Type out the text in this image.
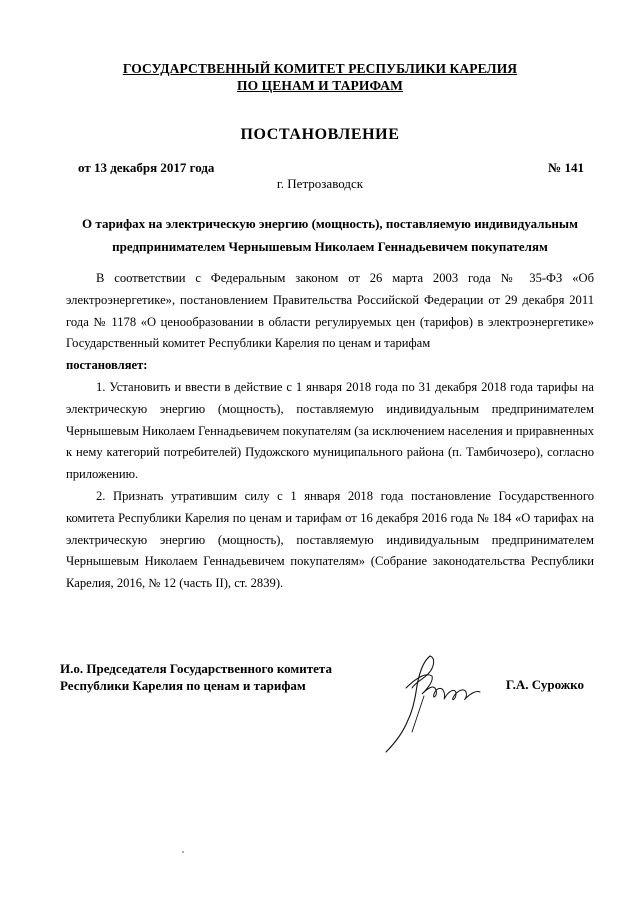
ГОСУДАРСТВЕННЫЙ КОМИТЕТ РЕСПУБЛИКИ КАРЕЛИЯ
ПО ЦЕНАМ И ТАРИФАМ
ПОСТАНОВЛЕНИЕ
от 13 декабря 2017 года	№ 141
г. Петрозаводск
О тарифах на электрическую энергию (мощность), поставляемую индивидуальным
предпринимателем Чернышевым Николаем Геннадьевичем покупателям

В соответствии с Федеральным законом от 26 марта 2003 года № 35-ФЗ «Об электроэнергетике», постановлением Правительства Российской Федерации от 29 декабря 2011 года № 1178 «О ценообразовании в области регулируемых цен (тарифов) в электроэнергетике» Государственный комитет Республики Карелия по ценам и тарифам

постановляет:

1. Установить и ввести в действие с 1 января 2018 года по 31 декабря 2018 года тарифы на электрическую энергию (мощность), поставляемую индивидуальным предпринимателем Чернышевым Николаем Геннадьевичем покупателям (за исключением населения и приравненных к нему категорий потребителей) Пудожского муниципального района (п. Тамбичозеро), согласно приложению.

2. Признать утратившим силу с 1 января 2018 года постановление Государственного комитета Республики Карелия по ценам и тарифам от 16 декабря 2016 года № 184 «О тарифах на электрическую энергию (мощность), поставляемую индивидуальным предпринимателем Чернышевым Николаем Геннадьевичем покупателям» (Собрание законодательства Республики Карелия, 2016, № 12 (часть II), ст. 2839).

И.о. Председателя Государственного комитета
Республики Карелия по ценам и тарифам	Г.А. Сурожко
